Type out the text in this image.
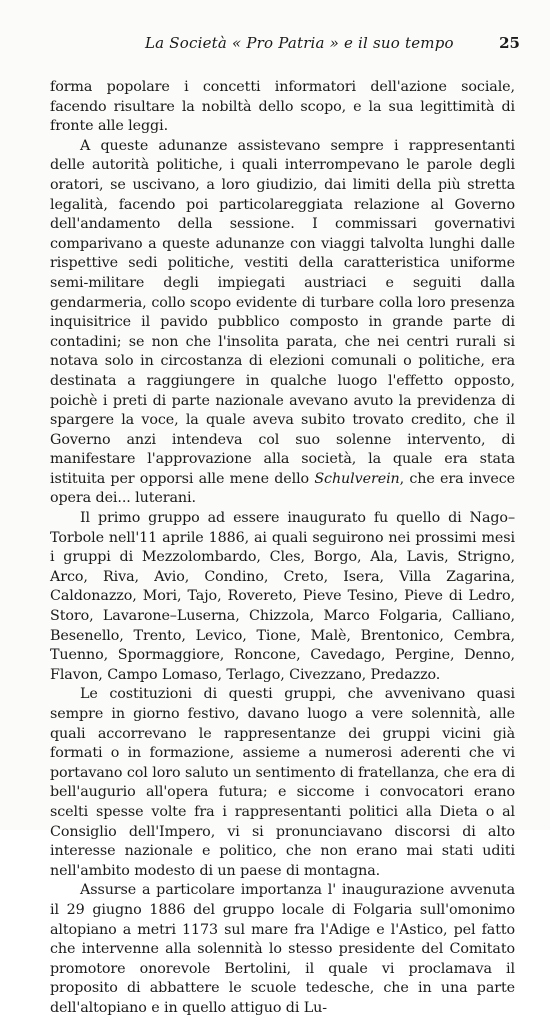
La Società « Pro Patria » e il suo tempo	25

forma popolare i concetti informatori dell'azione sociale, facendo risultare la nobiltà dello scopo, e la sua legittimità di fronte alle leggi.

A queste adunanze assistevano sempre i rappresentanti delle autorità politiche, i quali interrompevano le parole degli oratori, se uscivano, a loro giudizio, dai limiti della più stretta legalità, facendo poi particolareggiata relazione al Governo dell'andamento della sessione. I commissari governativi comparivano a queste adunanze con viaggi talvolta lunghi dalle rispettive sedi politiche, vestiti della caratteristica uniforme semi-militare degli impiegati austriaci e seguiti dalla gendarmeria, collo scopo evidente di turbare colla loro presenza inquisitrice il pavido pubblico composto in grande parte di contadini; se non che l'insolita parata, che nei centri rurali si notava solo in circostanza di elezioni comunali o politiche, era destinata a raggiungere in qualche luogo l'effetto opposto, poichè i preti di parte nazionale avevano avuto la previdenza di spargere la voce, la quale aveva subito trovato credito, che il Governo anzi intendeva col suo solenne intervento, di manifestare l'approvazione alla società, la quale era stata istituita per opporsi alle mene dello Schulverein, che era invece opera dei... luterani.

Il primo gruppo ad essere inaugurato fu quello di Nago–Torbole nell'11 aprile 1886, ai quali seguirono nei prossimi mesi i gruppi di Mezzolombardo, Cles, Borgo, Ala, Lavis, Strigno, Arco, Riva, Avio, Condino, Creto, Isera, Villa Zagarina, Caldonazzo, Mori, Tajo, Rovereto, Pieve Tesino, Pieve di Ledro, Storo, Lavarone–Luserna, Chizzola, Marco Folgaria, Calliano, Besenello, Trento, Levico, Tione, Malè, Brentonico, Cembra, Tuenno, Spormaggiore, Roncone, Cavedago, Pergine, Denno, Flavon, Campo Lomaso, Terlago, Civezzano, Predazzo.

Le costituzioni di questi gruppi, che avvenivano quasi sempre in giorno festivo, davano luogo a vere solennità, alle quali accorrevano le rappresentanze dei gruppi vicini già formati o in formazione, assieme a numerosi aderenti che vi portavano col loro saluto un sentimento di fratellanza, che era di bell'augurio all'opera futura; e siccome i convocatori erano scelti spesse volte fra i rappresentanti politici alla Dieta o al Consiglio dell'Impero, vi si pronunciavano discorsi di alto interesse nazionale e politico, che non erano mai stati uditi nell'ambito modesto di un paese di montagna.

Assurse a particolare importanza l' inaugurazione avvenuta il 29 giugno 1886 del gruppo locale di Folgaria sull'omonimo altopiano a metri 1173 sul mare fra l'Adige e l'Astico, pel fatto che intervenne alla solennità lo stesso presidente del Comitato promotore onorevole Bertolini, il quale vi proclamava il proposito di abbattere le scuole tedesche, che in una parte dell'altopiano e in quello attiguo di Lu-
